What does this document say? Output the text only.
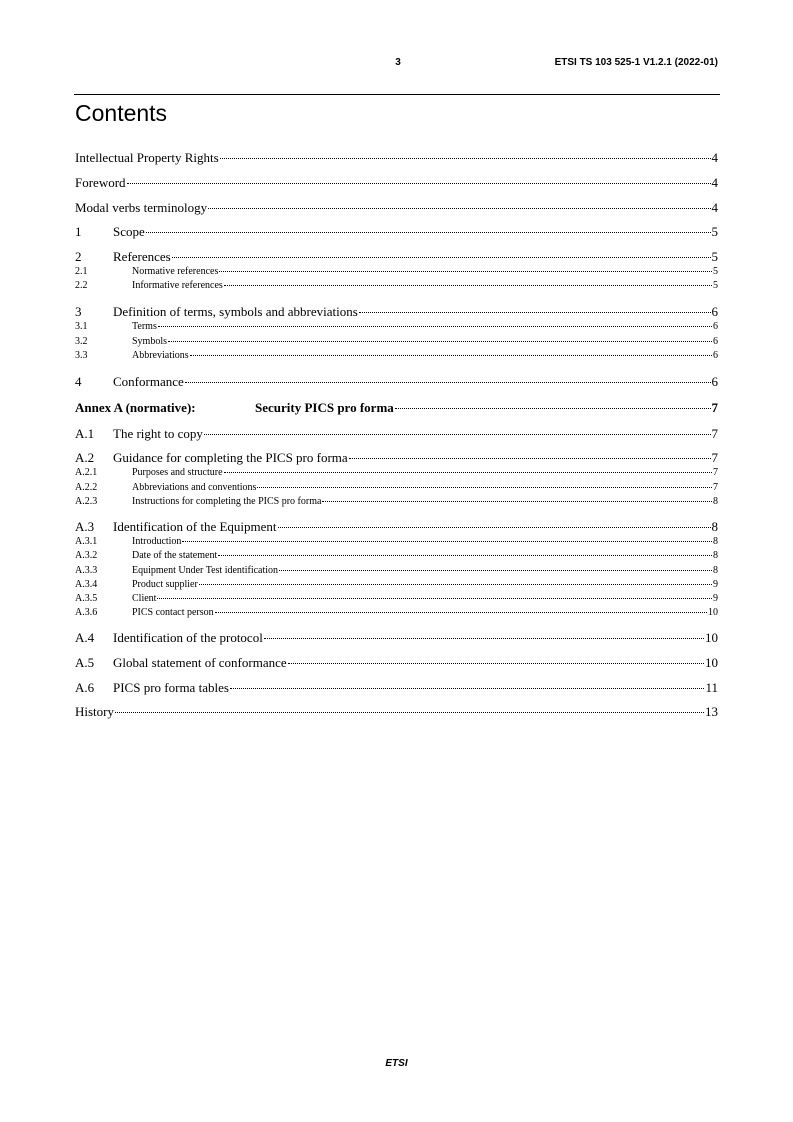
3	ETSI TS 103 525-1 V1.2.1 (2022-01)
Contents
Intellectual Property Rights	4
Foreword	4
Modal verbs terminology	4
1	Scope	5
2	References	5
2.1	Normative references	5
2.2	Informative references	5
3	Definition of terms, symbols and abbreviations	6
3.1	Terms	6
3.2	Symbols	6
3.3	Abbreviations	6
4	Conformance	6
Annex A (normative):	Security PICS pro forma	7
A.1	The right to copy	7
A.2	Guidance for completing the PICS pro forma	7
A.2.1	Purposes and structure	7
A.2.2	Abbreviations and conventions	7
A.2.3	Instructions for completing the PICS pro forma	8
A.3	Identification of the Equipment	8
A.3.1	Introduction	8
A.3.2	Date of the statement	8
A.3.3	Equipment Under Test identification	8
A.3.4	Product supplier	9
A.3.5	Client	9
A.3.6	PICS contact person	10
A.4	Identification of the protocol	10
A.5	Global statement of conformance	10
A.6	PICS pro forma tables	11
History	13
ETSI
